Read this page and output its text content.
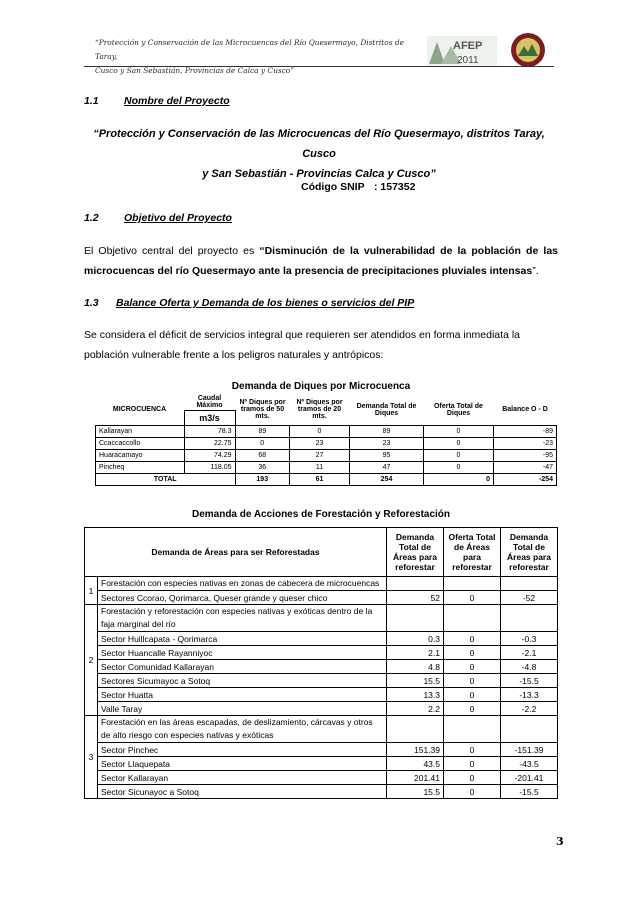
“Protección y Conservación de las Microcuencas del Río Quesermayo, Distritos de Taray,
Cusco y San Sebastián, Provincias de Calca y Cusco”
AFEP
2011
1.1 Nombre del Proyecto
“Protección y Conservación de las Microcuencas del Río Quesermayo, distritos Taray, Cusco
y San Sebastián - Provincias Calca y Cusco”
Código SNIP : 157352
1.2 Objetivo del Proyecto
El Objetivo central del proyecto es “Disminución de la vulnerabilidad de la población de las microcuencas del río Quesermayo ante la presencia de precipitaciones pluviales intensas”.
1.3 Balance Oferta y Demanda de los bienes o servicios del PIP
Se considera el déficit de servicios integral que requieren ser atendidos en forma inmediata la
población vulnerable frente a los peligros naturales y antrópicos:
Demanda de Diques por Microcuenca
MICROCUENCA	Caudal Máximo	Nº Diques por tramos de 50 mts.	Nº Diques por tramos de 20 mts.	Demanda Total de Diques	Oferta Total de Diques	Balance O - D
	m3/s					
Kallarayan	78.3	89	0	89	0	-89
Ccaccaccollo	22.75	0	23	23	0	-23
Huaracamayo	74.29	68	27	95	0	-95
Pincheq	118.05	36	11	47	0	-47
TOTAL		193	61	254	0	-254
Demanda de Acciones de Forestación y Reforestación
Demanda de Áreas para ser Reforestadas		Demanda Total de Áreas para reforestar	Oferta Total de Áreas para reforestar	Demanda Total de Áreas para reforestar
1	Forestación con especies nativas en zonas de cabecera de microcuencas			
	Sectores Ccorao, Qorimarca, Queser grande y queser chico	52	0	-52
2	Forestación y reforestación con especies nativas y exóticas dentro de la faja marginal del río			
	Sector Huillcapata - Qorimarca	0.3	0	-0.3
	Sector Huancalle Rayanniyoc	2.1	0	-2.1
	Sector Comunidad Kallarayan	4.8	0	-4.8
	Sectores Sicumayoc a Sotoq	15.5	0	-15.5
	Sector Huatta	13.3	0	-13.3
	Valle Taray	2.2	0	-2.2
3	Forestación en las áreas escapadas, de deslizamiento, cárcavas y otros de alto riesgo con especies nativas y exóticas			
	Sector Pinchec	151.39	0	-151.39
	Sector Llaquepata	43.5	0	-43.5
	Sector Kallarayan	201.41	0	-201.41
	Sector Sicunayoc a Sotoq	15.5	0	-15.5
3
